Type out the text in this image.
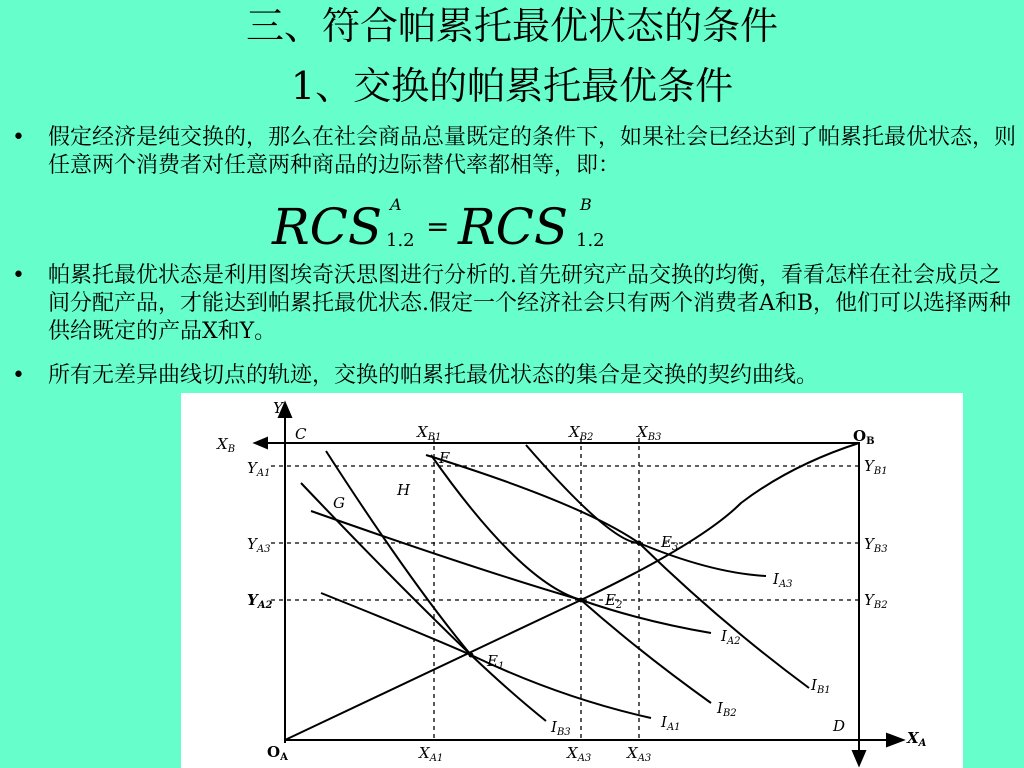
三、符合帕累托最优状态的条件
1、交换的帕累托最优条件
• 假定经济是纯交换的，那么在社会商品总量既定的条件下，如果社会已经达到了帕累托最优状态，则任意两个消费者对任意两种商品的边际替代率都相等，即：
RCS A
1.2 = RCS B
1.2
• 帕累托最优状态是利用图埃奇沃思图进行分析的.首先研究产品交换的均衡，看看怎样在社会成员之间分配产品，才能达到帕累托最优状态.假定一个经济社会只有两个消费者A和B，他们可以选择两种供给既定的产品X和Y。
• 所有无差异曲线切点的轨迹，交换的帕累托最优状态的集合是交换的契约曲线。
$Y_A$
$X_B$
C	$O_B$
$X_{B1}$	$X_{B2}$	$X_{B3}$
$Y_{A1}$
$Y_{A3}$
$Y_{A2}$
$Y_{B1}$
$Y_{B3}$
$Y_{B2}$
F
H
G
$E_1$
$E_2$
$E_3$
$I_{A1}$
$I_{A2}$
$I_{A3}$
$I_{B1}$
$I_{B2}$
$I_{B3}$
$O_A$
D
$X_A$
$X_{A1}$	$X_{A3}$ $X_{A3}$
